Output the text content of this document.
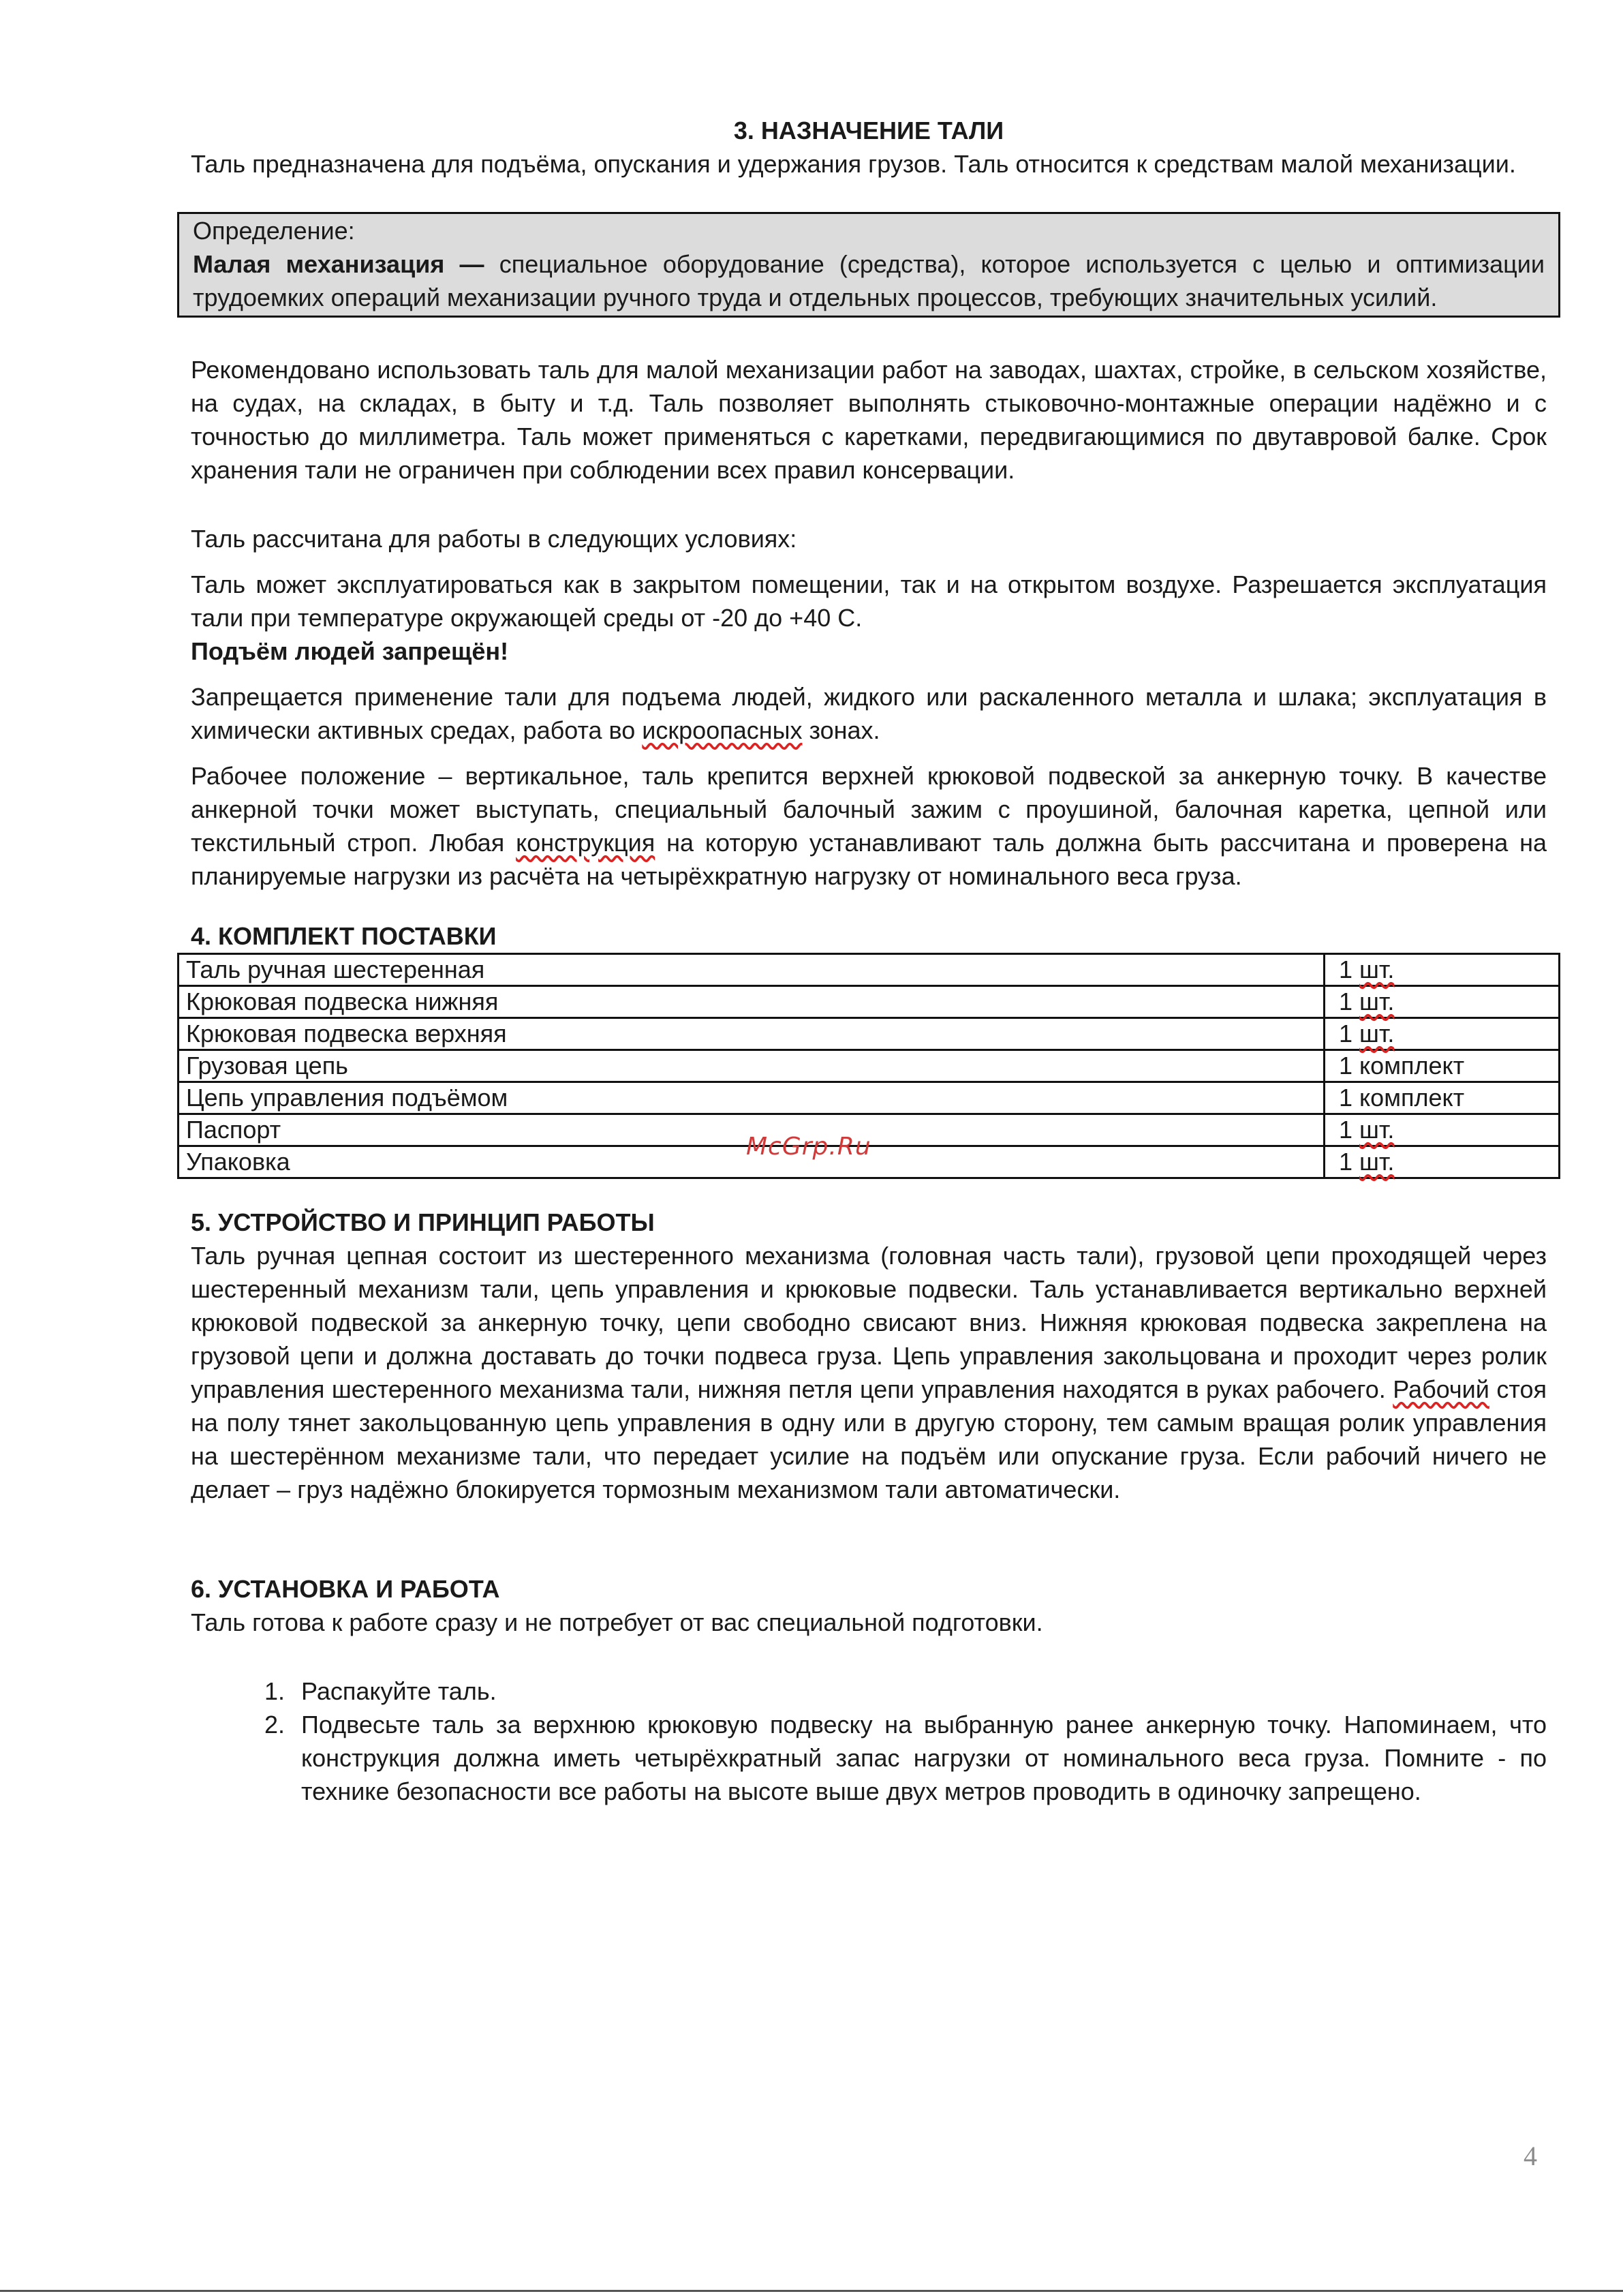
3. НАЗНАЧЕНИЕ ТАЛИ

Таль предназначена для подъёма, опускания и удержания грузов. Таль относится к средствам малой механизации.

Определение:

Малая механизация — специальное оборудование (средства), которое используется с целью и оптимизации трудоемких операций механизации ручного труда и отдельных процессов, требующих значительных усилий.

Рекомендовано использовать таль для малой механизации работ на заводах, шахтах, стройке, в сельском хозяйстве, на судах, на складах, в быту и т.д. Таль позволяет выполнять стыковочно-монтажные операции надёжно и с точностью до миллиметра. Таль может применяться с каретками, передвигающимися по двутавровой балке. Срок хранения тали не ограничен при соблюдении всех правил консервации.

Таль рассчитана для работы в следующих условиях:

Таль может эксплуатироваться как в закрытом помещении, так и на открытом воздухе. Разрешается эксплуатация тали при температуре окружающей среды от -20 до +40 С.

Подъём людей запрещён!

Запрещается применение тали для подъема людей, жидкого или раскаленного металла и шлака; эксплуатация в химически активных средах, работа во искроопасных зонах.

Рабочее положение – вертикальное, таль крепится верхней крюковой подвеской за анкерную точку. В качестве анкерной точки может выступать, специальный балочный зажим с проушиной, балочная каретка, цепной или текстильный строп. Любая конструкция на которую устанавливают таль должна быть рассчитана и проверена на планируемые нагрузки из расчёта на четырёхкратную нагрузку от номинального веса груза.

4. КОМПЛЕКТ ПОСТАВКИ
Таль ручная шестеренная	1 шт.
Крюковая подвеска нижняя	1 шт.
Крюковая подвеска верхняя	1 шт.
Грузовая цепь	1 комплект
Цепь управления подъёмом	1 комплект
Паспорт	1 шт.
Упаковка	1 шт.
5. УСТРОЙСТВО И ПРИНЦИП РАБОТЫ

Таль ручная цепная состоит из шестеренного механизма (головная часть тали), грузовой цепи проходящей через шестеренный механизм тали, цепь управления и крюковые подвески. Таль устанавливается вертикально верхней крюковой подвеской за анкерную точку, цепи свободно свисают вниз. Нижняя крюковая подвеска закреплена на грузовой цепи и должна доставать до точки подвеса груза. Цепь управления закольцована и проходит через ролик управления шестеренного механизма тали, нижняя петля цепи управления находятся в руках рабочего. Рабочий стоя на полу тянет закольцованную цепь управления в одну или в другую сторону, тем самым вращая ролик управления на шестерённом механизме тали, что передает усилие на подъём или опускание груза. Если рабочий ничего не делает – груз надёжно блокируется тормозным механизмом тали автоматически.

6. УСТАНОВКА И РАБОТА

Таль готова к работе сразу и не потребует от вас специальной подготовки.

1. Распакуйте таль.
2. Подвесьте таль за верхнюю крюковую подвеску на выбранную ранее анкерную точку. Напоминаем, что конструкция должна иметь четырёхкратный запас нагрузки от номинального веса груза. Помните - по технике безопасности все работы на высоте выше двух метров проводить в одиночку запрещено.
McGrp.Ru
4
